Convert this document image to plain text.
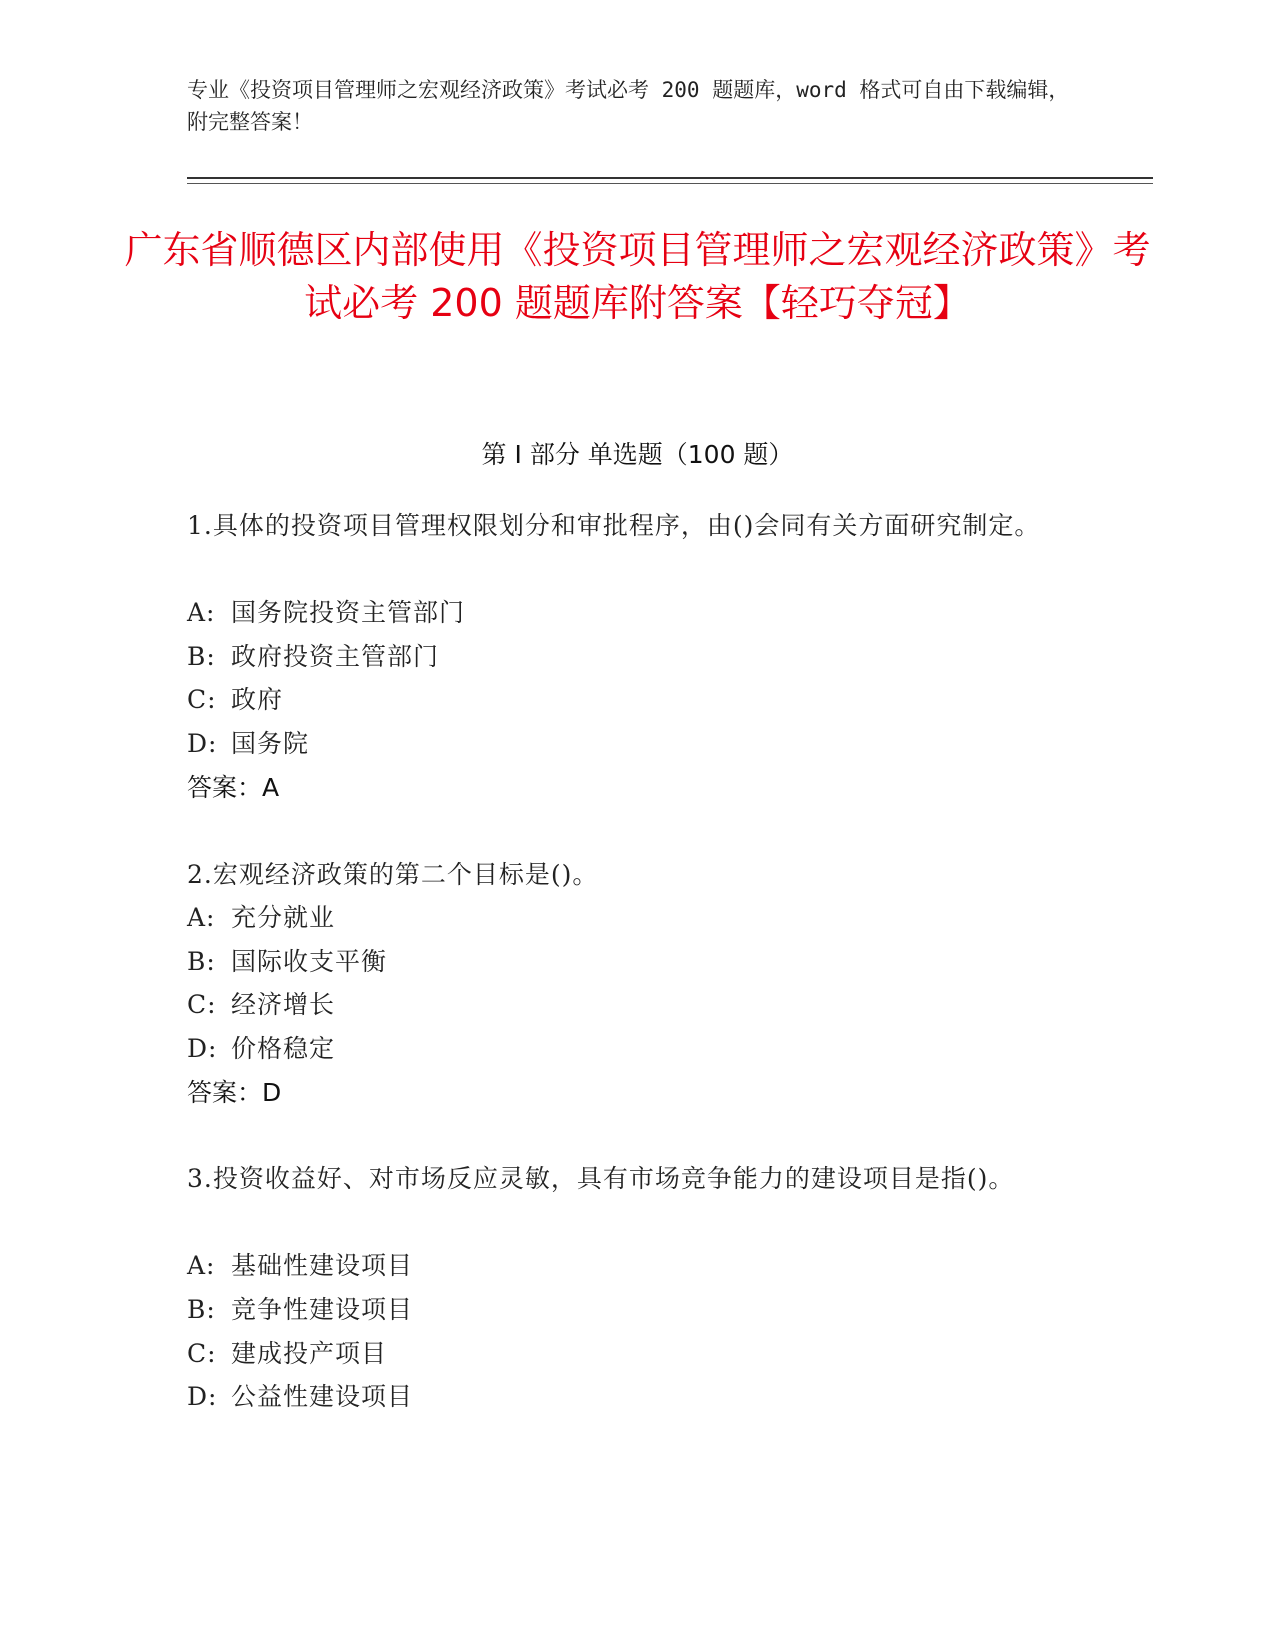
专业《投资项目管理师之宏观经济政策》考试必考 200 题题库，word 格式可自由下载编辑，附完整答案！
广东省顺德区内部使用《投资项目管理师之宏观经济政策》考试必考 200 题题库附答案【轻巧夺冠】
第 I 部分 单选题（100 题）
1.具体的投资项目管理权限划分和审批程序，由()会同有关方面研究制定。
A: 国务院投资主管部门
B: 政府投资主管部门
C: 政府
D: 国务院
答案：A
2.宏观经济政策的第二个目标是()。
A: 充分就业
B: 国际收支平衡
C: 经济增长
D: 价格稳定
答案：D
3.投资收益好、对市场反应灵敏，具有市场竞争能力的建设项目是指()。
A: 基础性建设项目
B: 竞争性建设项目
C: 建成投产项目
D: 公益性建设项目
